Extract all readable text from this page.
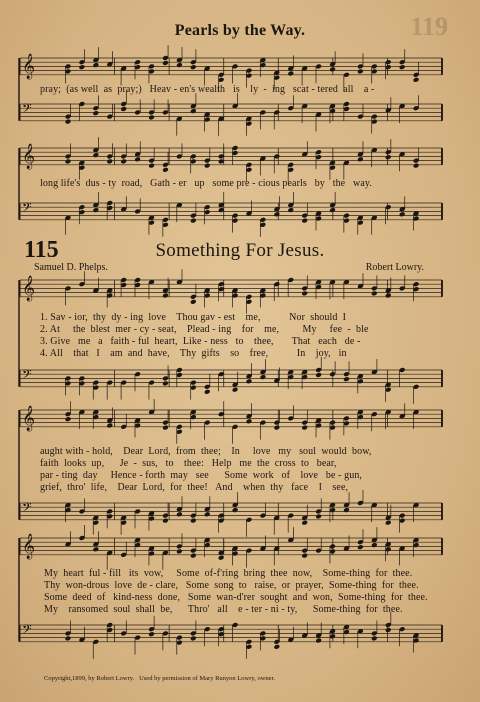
119
Pearls by the Way.
𝄞
𝄢
𝄞
𝄢
𝄞
𝄢
𝄞
𝄢
𝄞
𝄢
pray;  (as well  as  pray;)   Heav - en's wealth   is    ly  -  ing   scat - tered  all    a -
long life's  dus - ty  road,   Gath - er   up   some pre - cious pearls   by   the   way.
115	Something For Jesus.
Samuel D. Phelps.	Robert Lowry.
1. Sav - ior,  thy  dy - ing  love    Thou gav - est    me,           Nor  should  I
2. At     the  blest  mer - cy - seat,    Plead - ing    for    me,         My     fee  -  ble
3. Give   me   a   faith - ful  heart,  Like - ness   to    thee,       That   each   de -
4. All    that   I    am  and  have,    Thy  gifts    so    free,           In    joy,   in
aught with - hold,    Dear  Lord,  from  thee;    In     love   my   soul  would  bow,
faith  looks  up,      Je  -  sus,   to    thee:   Help   me  the  cross  to   bear,
par - ting  day     Hence - forth  may   see      Some  work   of    love   be - gun,
grief,  thro'  life,    Dear  Lord,  for  thee!   And    when  thy   face    I    see,
My  heart  ful - fill   its  vow,     Some  of-f'ring  bring  thee  now,    Some-thing  for  thee.
Thy  won-drous  love  de - clare,   Some  song  to   raise,  or  prayer,  Some-thing  for  thee.
Some  deed  of   kind-ness  done,   Some  wan-d'rer  sought  and  won,  Some-thing  for  thee.
My    ransomed  soul  shall  be,      Thro'   all    e - ter - ni - ty,      Some-thing  for  thee.
Copyright,1899, by Robert Lowry.   Used by permission of Mary Runyon Lowry, owner.
